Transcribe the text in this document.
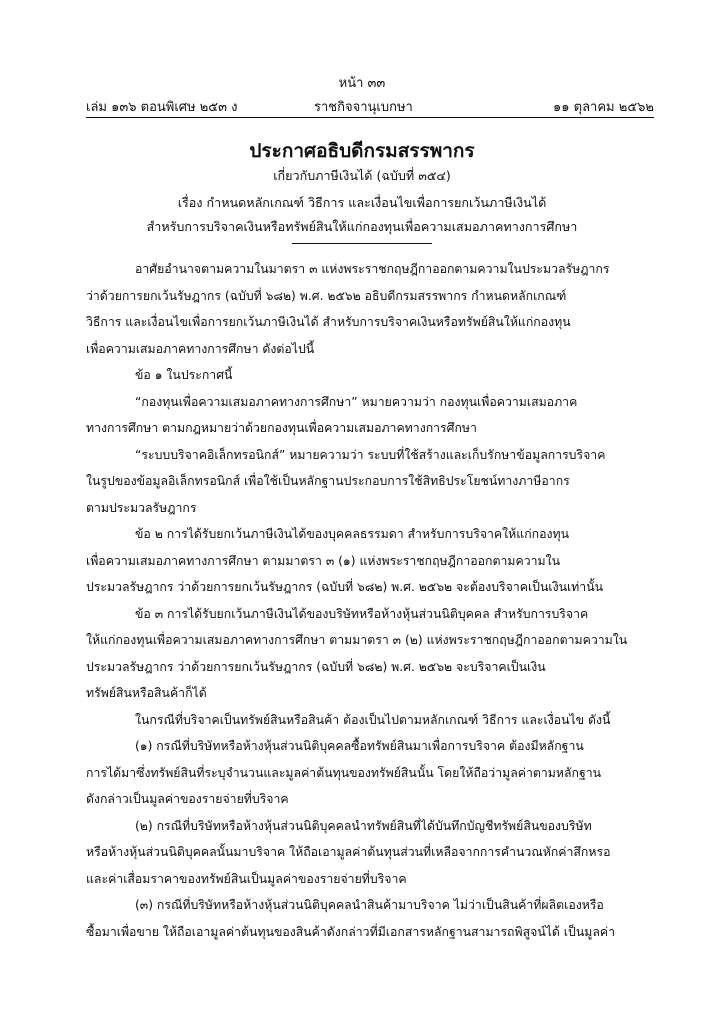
หน้า ๓๓
เล่ม ๑๓๖ ตอนพิเศษ ๒๕๓ ง	ราชกิจจานุเบกษา	๑๑ ตุลาคม ๒๕๖๒
ประกาศอธิบดีกรมสรรพากร
เกี่ยวกับภาษีเงินได้ (ฉบับที่ ๓๕๔)
เรื่อง กำหนดหลักเกณฑ์ วิธีการ และเงื่อนไขเพื่อการยกเว้นภาษีเงินได้
สำหรับการบริจาคเงินหรือทรัพย์สินให้แก่กองทุนเพื่อความเสมอภาคทางการศึกษา

อาศัยอำนาจตามความในมาตรา ๓ แห่งพระราชกฤษฎีกาออกตามความในประมวลรัษฎากร

ว่าด้วยการยกเว้นรัษฎากร (ฉบับที่ ๖๘๒) พ.ศ. ๒๕๖๒ อธิบดีกรมสรรพากร กำหนดหลักเกณฑ์

วิธีการ และเงื่อนไขเพื่อการยกเว้นภาษีเงินได้ สำหรับการบริจาคเงินหรือทรัพย์สินให้แก่กองทุน

เพื่อความเสมอภาคทางการศึกษา ดังต่อไปนี้

ข้อ ๑ ในประกาศนี้

“กองทุนเพื่อความเสมอภาคทางการศึกษา” หมายความว่า กองทุนเพื่อความเสมอภาค

ทางการศึกษา ตามกฎหมายว่าด้วยกองทุนเพื่อความเสมอภาคทางการศึกษา

“ระบบบริจาคอิเล็กทรอนิกส์” หมายความว่า ระบบที่ใช้สร้างและเก็บรักษาข้อมูลการบริจาค

ในรูปของข้อมูลอิเล็กทรอนิกส์ เพื่อใช้เป็นหลักฐานประกอบการใช้สิทธิประโยชน์ทางภาษีอากร

ตามประมวลรัษฎากร

ข้อ ๒ การได้รับยกเว้นภาษีเงินได้ของบุคคลธรรมดา สำหรับการบริจาคให้แก่กองทุน

เพื่อความเสมอภาคทางการศึกษา ตามมาตรา ๓ (๑) แห่งพระราชกฤษฎีกาออกตามความใน

ประมวลรัษฎากร ว่าด้วยการยกเว้นรัษฎากร (ฉบับที่ ๖๘๒) พ.ศ. ๒๕๖๒ จะต้องบริจาคเป็นเงินเท่านั้น

ข้อ ๓ การได้รับยกเว้นภาษีเงินได้ของบริษัทหรือห้างหุ้นส่วนนิติบุคคล สำหรับการบริจาค

ให้แก่กองทุนเพื่อความเสมอภาคทางการศึกษา ตามมาตรา ๓ (๒) แห่งพระราชกฤษฎีกาออกตามความใน

ประมวลรัษฎากร ว่าด้วยการยกเว้นรัษฎากร (ฉบับที่ ๖๘๒) พ.ศ. ๒๕๖๒ จะบริจาคเป็นเงิน

ทรัพย์สินหรือสินค้าก็ได้

ในกรณีที่บริจาคเป็นทรัพย์สินหรือสินค้า ต้องเป็นไปตามหลักเกณฑ์ วิธีการ และเงื่อนไข ดังนี้

(๑) กรณีที่บริษัทหรือห้างหุ้นส่วนนิติบุคคลซื้อทรัพย์สินมาเพื่อการบริจาค ต้องมีหลักฐาน

การได้มาซึ่งทรัพย์สินที่ระบุจำนวนและมูลค่าต้นทุนของทรัพย์สินนั้น โดยให้ถือว่ามูลค่าตามหลักฐาน

ดังกล่าวเป็นมูลค่าของรายจ่ายที่บริจาค

(๒) กรณีที่บริษัทหรือห้างหุ้นส่วนนิติบุคคลนำทรัพย์สินที่ได้บันทึกบัญชีทรัพย์สินของบริษัท

หรือห้างหุ้นส่วนนิติบุคคลนั้นมาบริจาค ให้ถือเอามูลค่าต้นทุนส่วนที่เหลือจากการคำนวณหักค่าสึกหรอ

และค่าเสื่อมราคาของทรัพย์สินเป็นมูลค่าของรายจ่ายที่บริจาค

(๓) กรณีที่บริษัทหรือห้างหุ้นส่วนนิติบุคคลนำสินค้ามาบริจาค ไม่ว่าเป็นสินค้าที่ผลิตเองหรือ

ซื้อมาเพื่อขาย ให้ถือเอามูลค่าต้นทุนของสินค้าดังกล่าวที่มีเอกสารหลักฐานสามารถพิสูจน์ได้ เป็นมูลค่า
